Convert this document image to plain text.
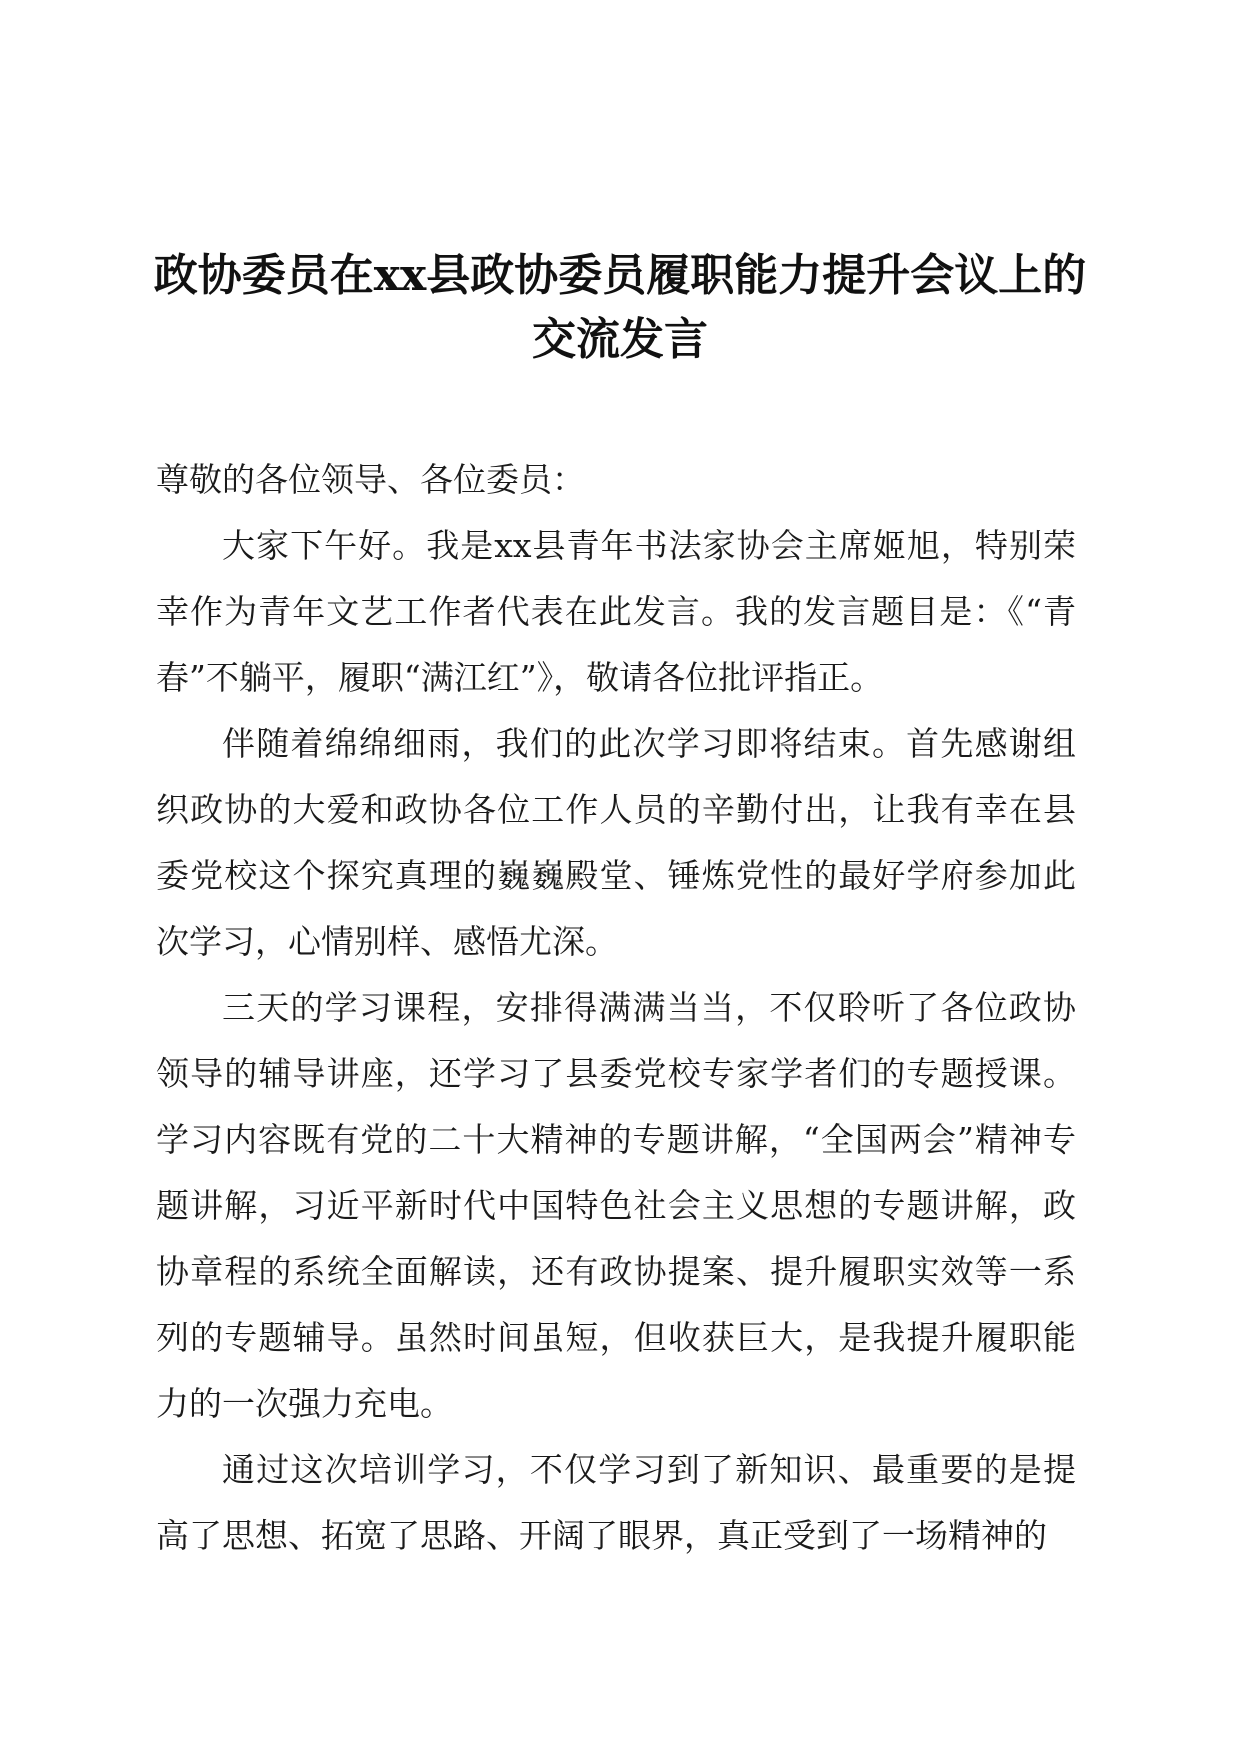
政协委员在xx县政协委员履职能力提升会议上的交流发言

尊敬的各位领导、各位委员：

大家下午好。我是xx县青年书法家协会主席姬旭，特别荣幸作为青年文艺工作者代表在此发言。我的发言题目是：《“青春”不躺平，履职“满江红”》，敬请各位批评指正。

伴随着绵绵细雨，我们的此次学习即将结束。首先感谢组织政协的大爱和政协各位工作人员的辛勤付出，让我有幸在县委党校这个探究真理的巍巍殿堂、锤炼党性的最好学府参加此次学习，心情别样、感悟尤深。

三天的学习课程，安排得满满当当，不仅聆听了各位政协领导的辅导讲座，还学习了县委党校专家学者们的专题授课。学习内容既有党的二十大精神的专题讲解，“全国两会”精神专题讲解，习近平新时代中国特色社会主义思想的专题讲解，政协章程的系统全面解读，还有政协提案、提升履职实效等一系列的专题辅导。虽然时间虽短，但收获巨大，是我提升履职能力的一次强力充电。

通过这次培训学习，不仅学习到了新知识、最重要的是提高了思想、拓宽了思路、开阔了眼界，真正受到了一场精神的
